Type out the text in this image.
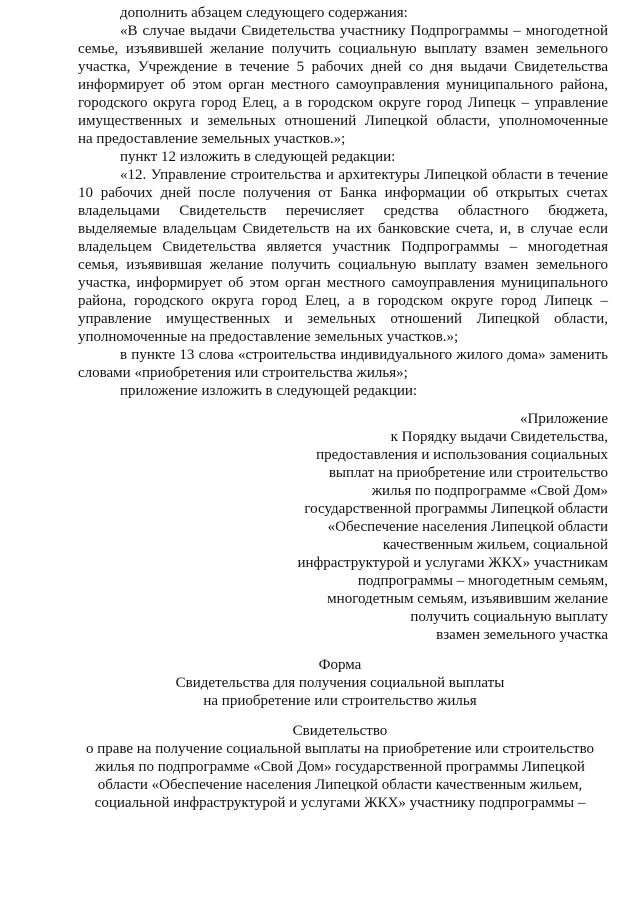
дополнить абзацем следующего содержания:
«В случае выдачи Свидетельства участнику Подпрограммы – многодетной
семье, изъявившей желание получить социальную выплату взамен земельного
участка, Учреждение в течение 5 рабочих дней со дня выдачи Свидетельства
информирует об этом орган местного самоуправления муниципального района,
городского округа город Елец, а в городском округе город Липецк – управление
имущественных и земельных отношений Липецкой области, уполномоченные
на предоставление земельных участков.»;
пункт 12 изложить в следующей редакции:
«12. Управление строительства и архитектуры Липецкой области в течение
10 рабочих дней после получения от Банка информации об открытых счетах
владельцами Свидетельств перечисляет средства областного бюджета,
выделяемые владельцам Свидетельств на их банковские счета, и, в случае если
владельцем Свидетельства является участник Подпрограммы – многодетная
семья, изъявившая желание получить социальную выплату взамен земельного
участка, информирует об этом орган местного самоуправления муниципального
района, городского округа город Елец, а в городском округе город Липецк –
управление имущественных и земельных отношений Липецкой области,
уполномоченные на предоставление земельных участков.»;
в пункте 13 слова «строительства индивидуального жилого дома» заменить
словами «приобретения или строительства жилья»;
приложение изложить в следующей редакции:
«Приложение
к Порядку выдачи Свидетельства,
предоставления и использования социальных
выплат на приобретение или строительство
жилья по подпрограмме «Свой Дом»
государственной программы Липецкой области
«Обеспечение населения Липецкой области
качественным жильем, социальной
инфраструктурой и услугами ЖКХ» участникам
подпрограммы – многодетным семьям,
многодетным семьям, изъявившим желание
получить социальную выплату
взамен земельного участка
Форма
Свидетельства для получения социальной выплаты
на приобретение или строительство жилья
Свидетельство
о праве на получение социальной выплаты на приобретение или строительство
жилья по подпрограмме «Свой Дом» государственной программы Липецкой
области «Обеспечение населения Липецкой области качественным жильем,
социальной инфраструктурой и услугами ЖКХ» участнику подпрограммы –
